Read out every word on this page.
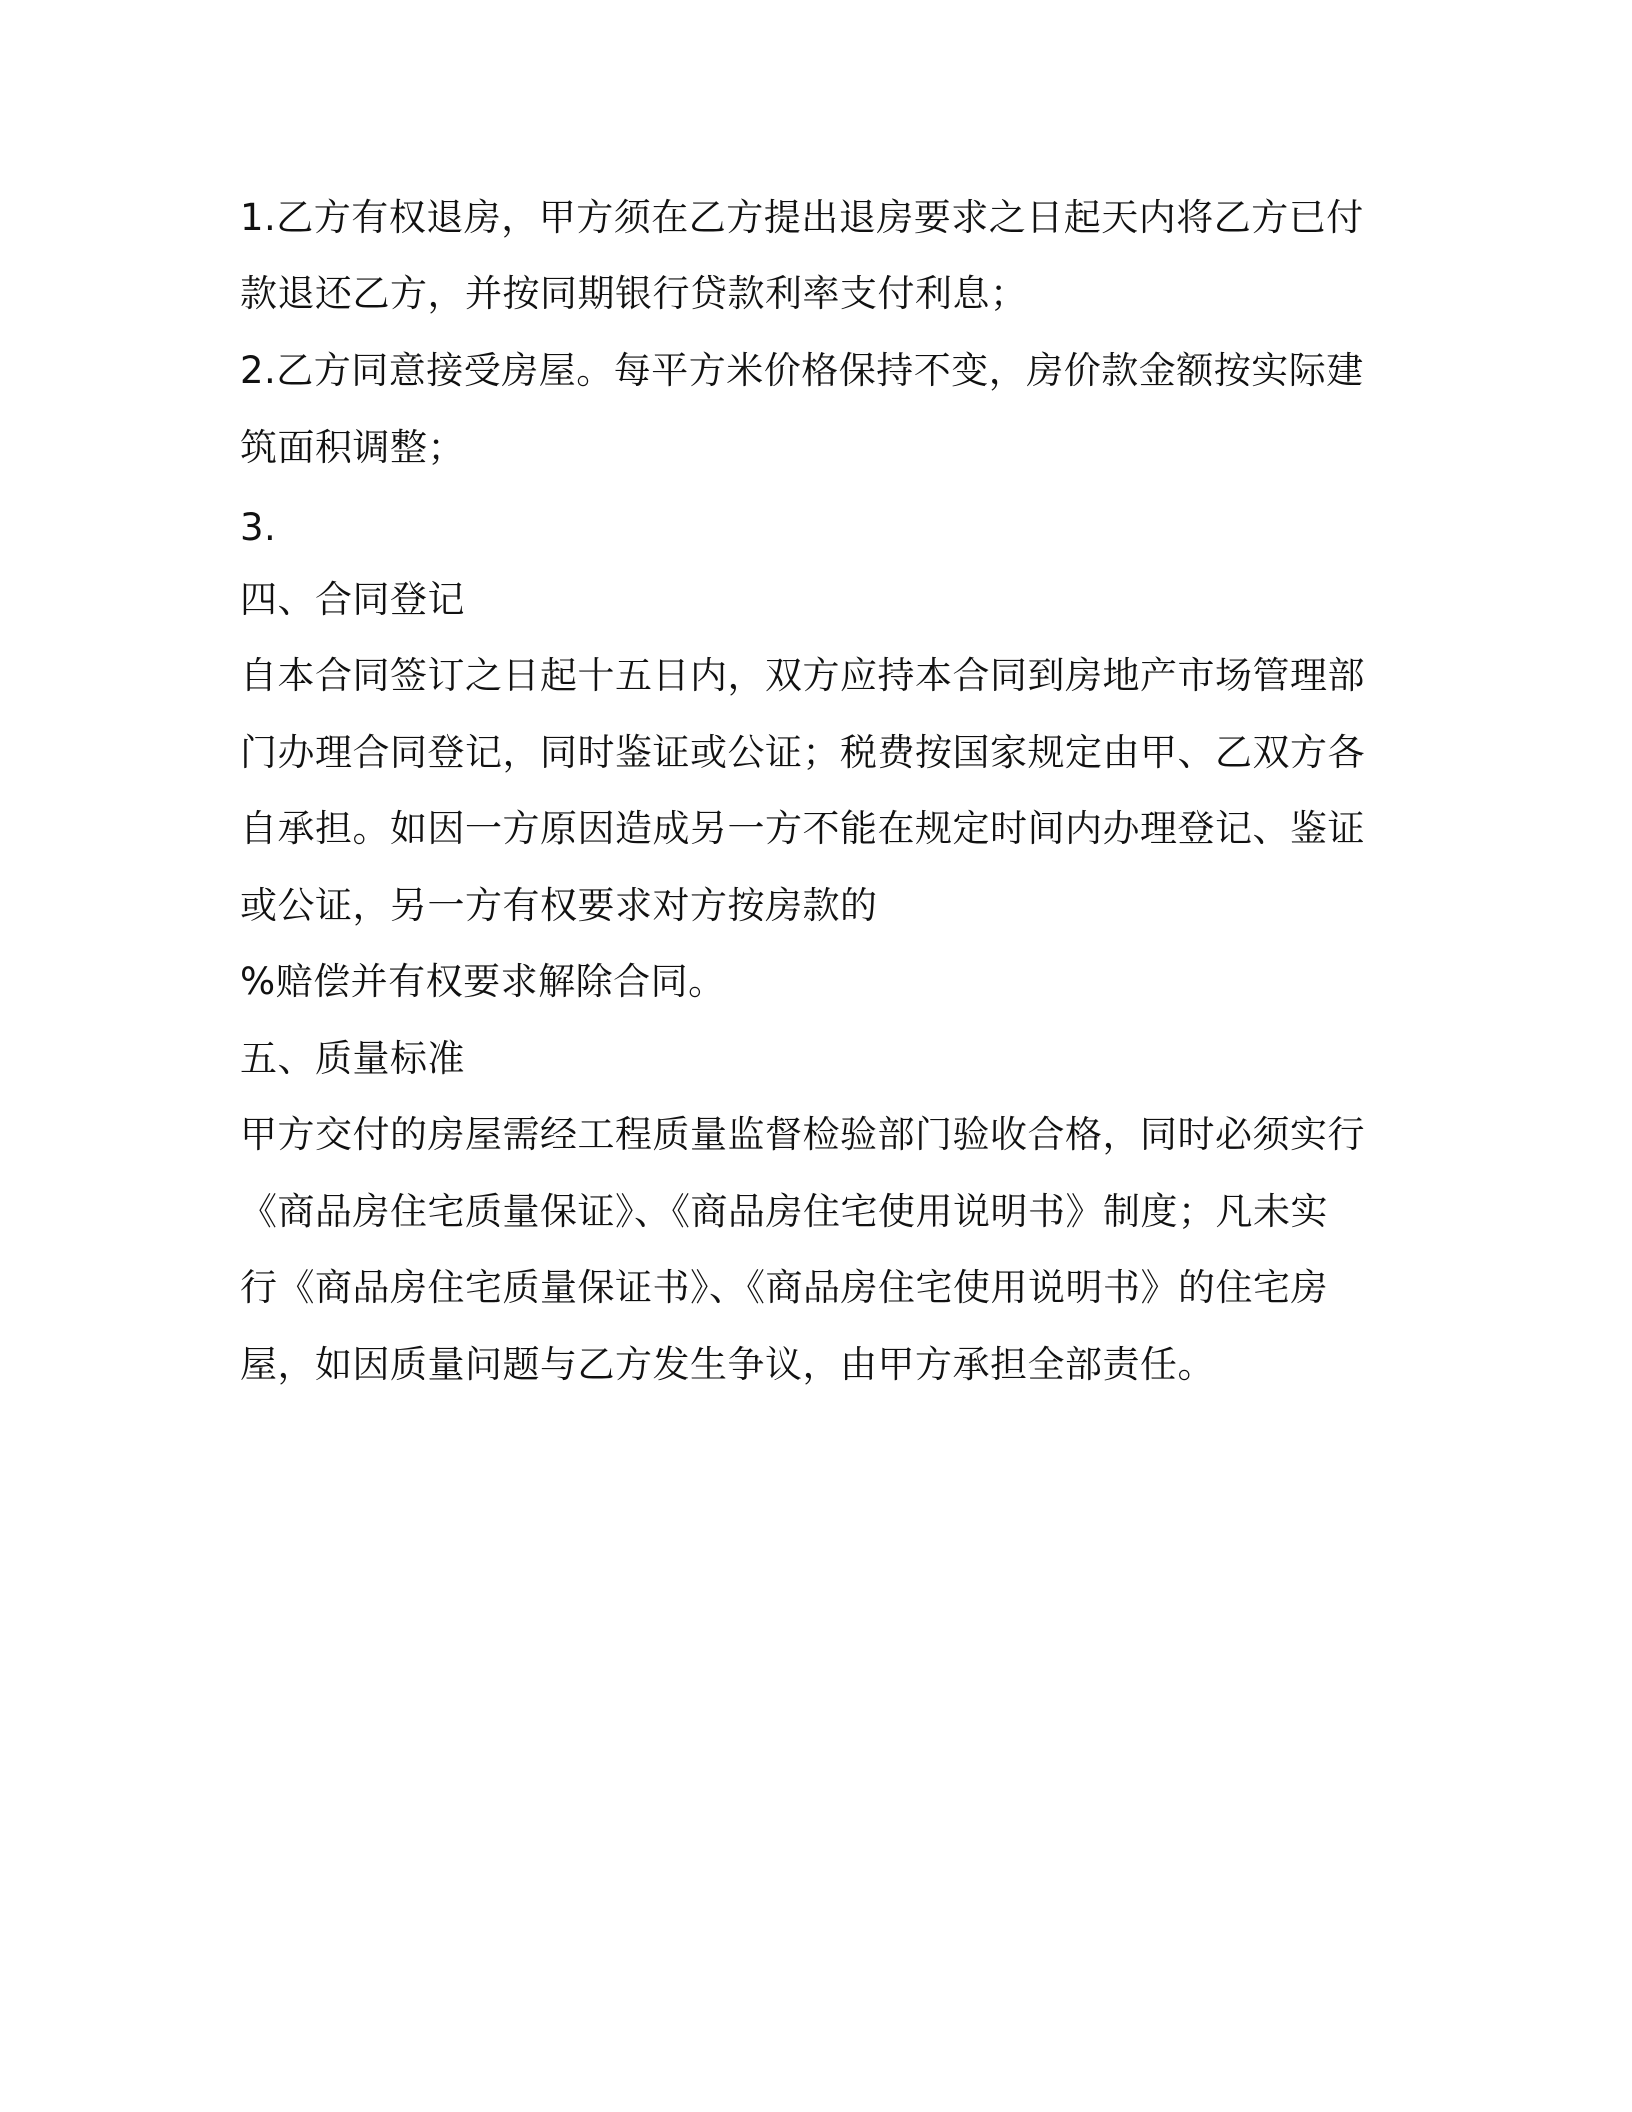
1.乙方有权退房，甲方须在乙方提出退房要求之日起天内将乙方已付
款退还乙方，并按同期银行贷款利率支付利息；
2.乙方同意接受房屋。每平方米价格保持不变，房价款金额按实际建
筑面积调整；
3.
四、合同登记
自本合同签订之日起十五日内，双方应持本合同到房地产市场管理部
门办理合同登记，同时鉴证或公证；税费按国家规定由甲、乙双方各
自承担。如因一方原因造成另一方不能在规定时间内办理登记、鉴证
或公证，另一方有权要求对方按房款的
%赔偿并有权要求解除合同。
五、质量标准
甲方交付的房屋需经工程质量监督检验部门验收合格，同时必须实行
《商品房住宅质量保证》、《商品房住宅使用说明书》制度；凡未实
行《商品房住宅质量保证书》、《商品房住宅使用说明书》的住宅房
屋，如因质量问题与乙方发生争议，由甲方承担全部责任。
